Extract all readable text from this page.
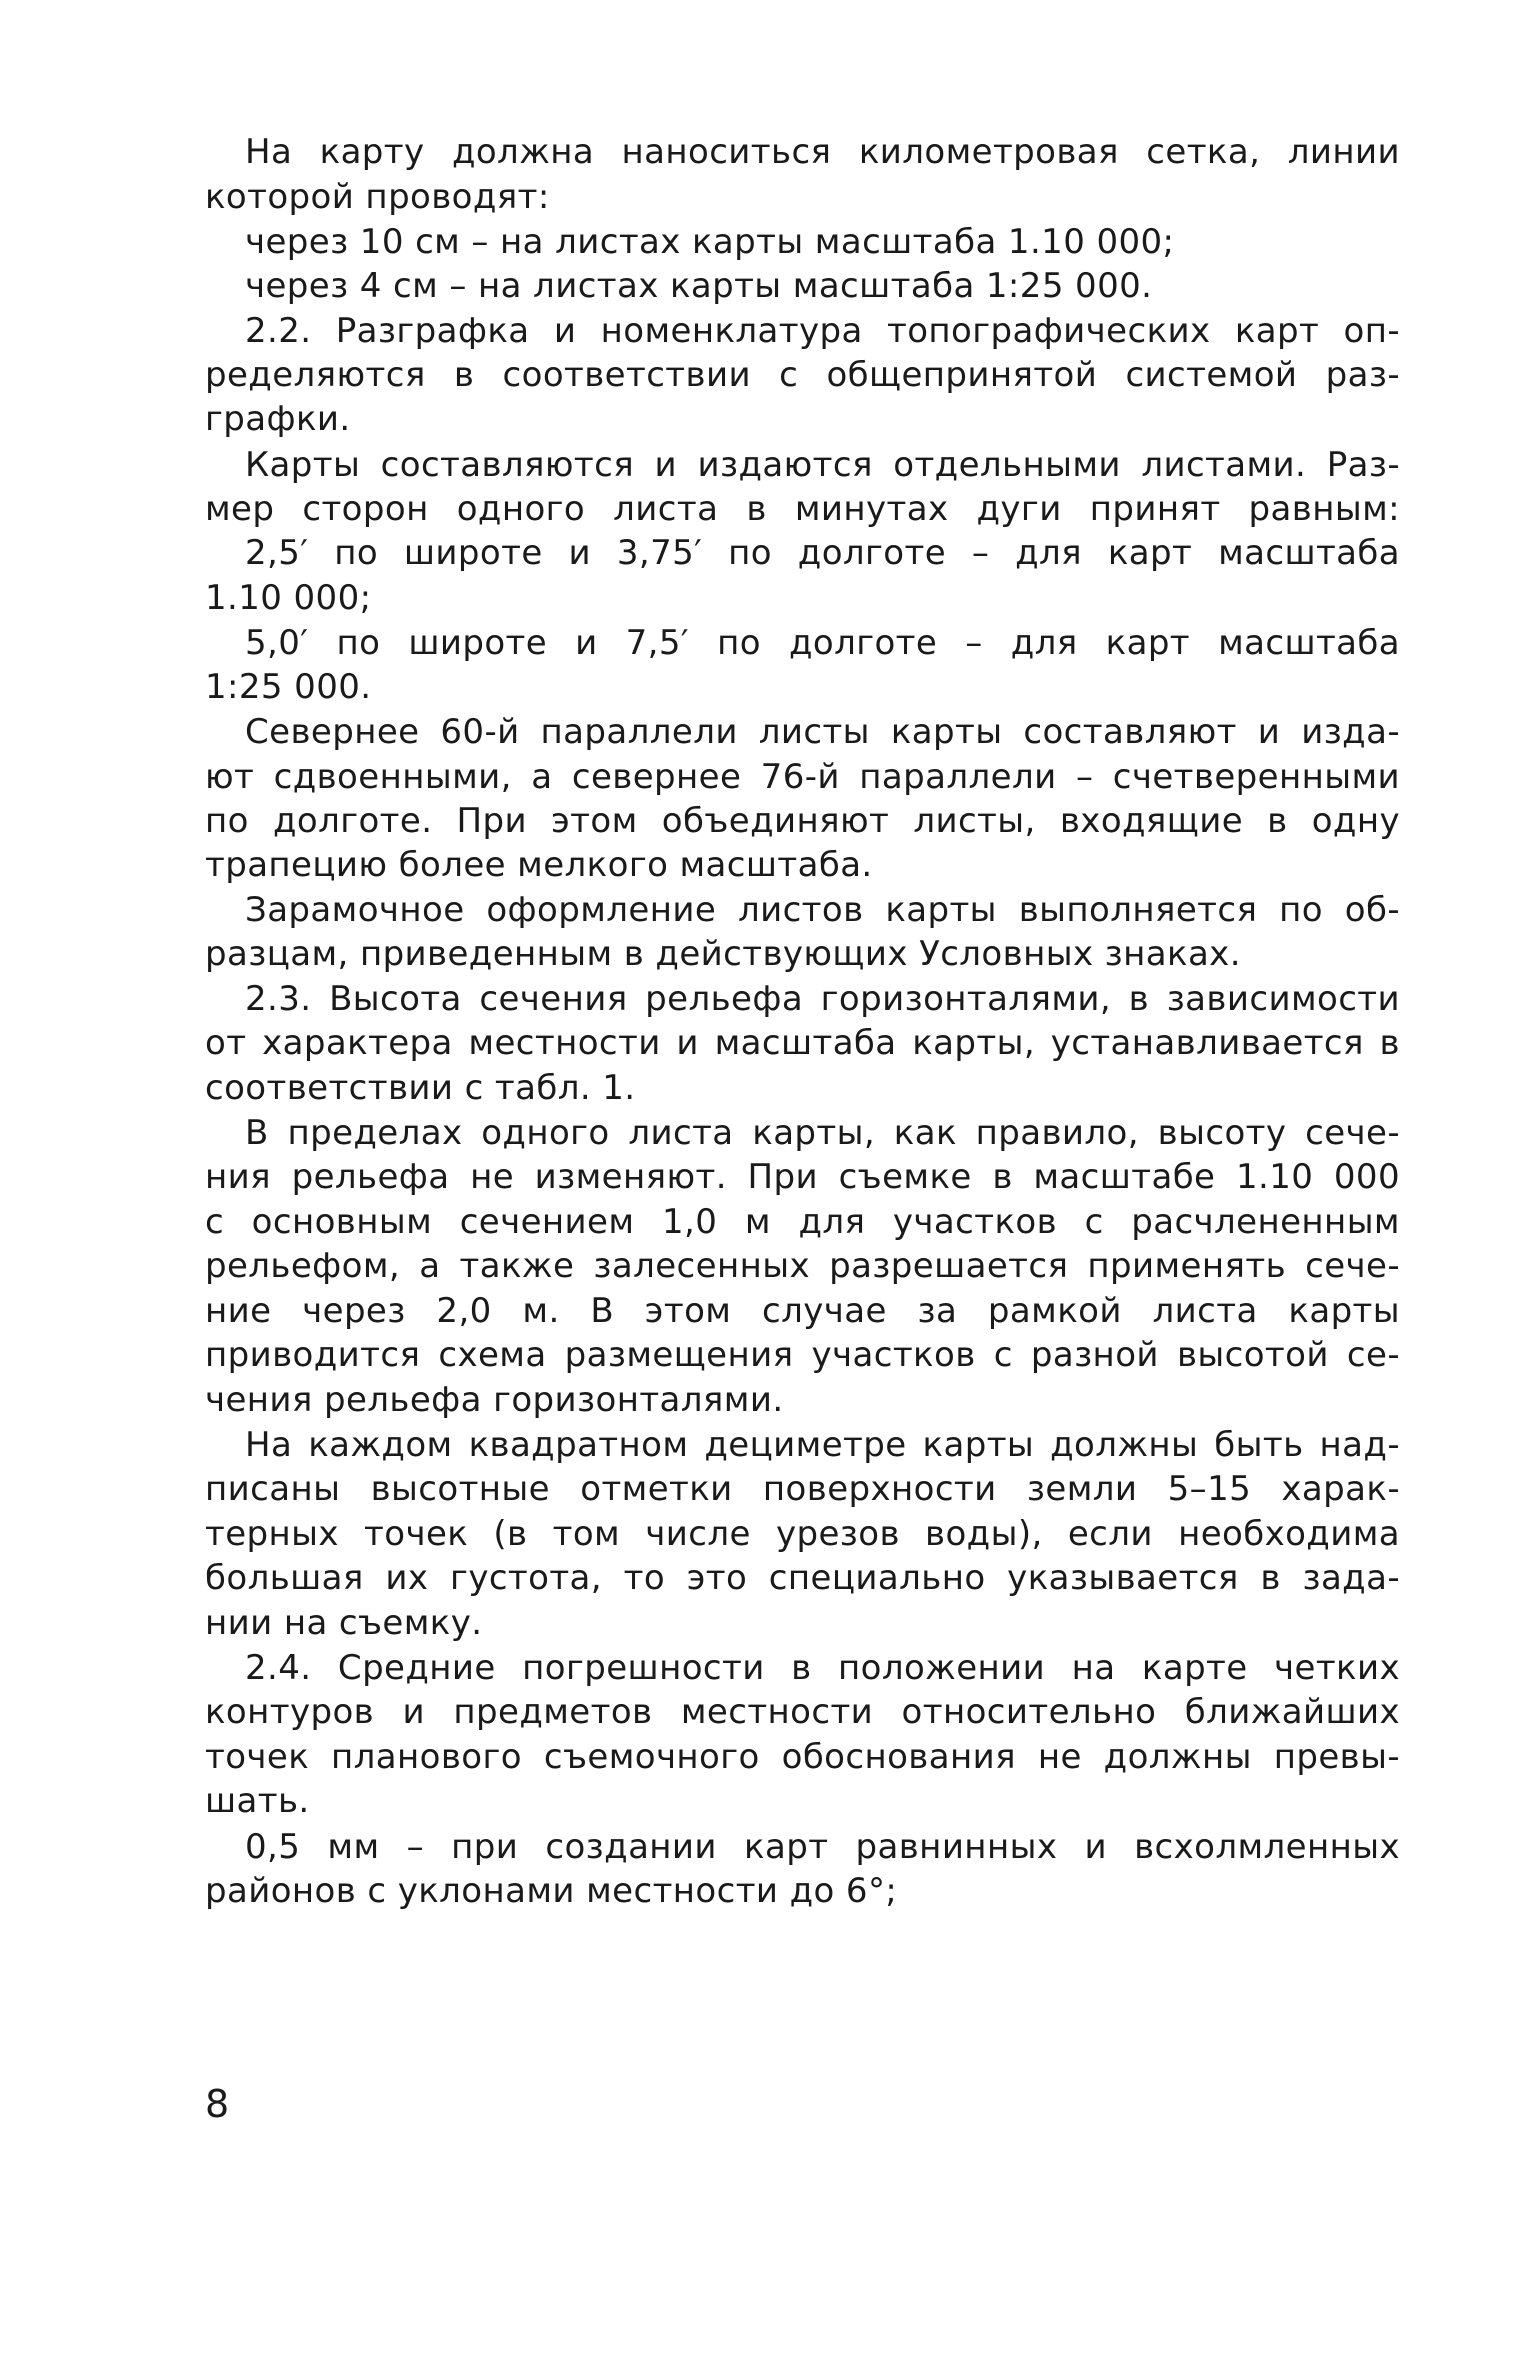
На карту должна наноситься километровая сетка, линии
которой проводят:
через 10 см – на листах карты масштаба 1.10 000;
через 4 см – на листах карты масштаба 1:25 000.
2.2. Разграфка и номенклатура топографических карт оп-
ределяются в соответствии с общепринятой системой раз-
графки.
Карты составляются и издаются отдельными листами. Раз-
мер сторон одного листа в минутах дуги принят равным:
2,5′ по широте и 3,75′ по долготе – для карт масштаба
1.10 000;
5,0′ по широте и 7,5′ по долготе – для карт масштаба
1:25 000.
Севернее 60-й параллели листы карты составляют и изда-
ют сдвоенными, а севернее 76-й параллели – счетверенными
по долготе. При этом объединяют листы, входящие в одну
трапецию более мелкого масштаба.
Зарамочное оформление листов карты выполняется по об-
разцам, приведенным в действующих Условных знаках.
2.3. Высота сечения рельефа горизонталями, в зависимости
от характера местности и масштаба карты, устанавливается в
соответствии с табл. 1.
В пределах одного листа карты, как правило, высоту сече-
ния рельефа не изменяют. При съемке в масштабе 1.10 000
с основным сечением 1,0 м для участков с расчлененным
рельефом, а также залесенных разрешается применять сече-
ние через 2,0 м. В этом случае за рамкой листа карты
приводится схема размещения участков с разной высотой се-
чения рельефа горизонталями.
На каждом квадратном дециметре карты должны быть над-
писаны высотные отметки поверхности земли 5–15 харак-
терных точек (в том числе урезов воды), если необходима
большая их густота, то это специально указывается в зада-
нии на съемку.
2.4. Средние погрешности в положении на карте четких
контуров и предметов местности относительно ближайших
точек планового съемочного обоснования не должны превы-
шать.
0,5 мм – при создании карт равнинных и всхолмленных
районов с уклонами местности до 6°;
8
